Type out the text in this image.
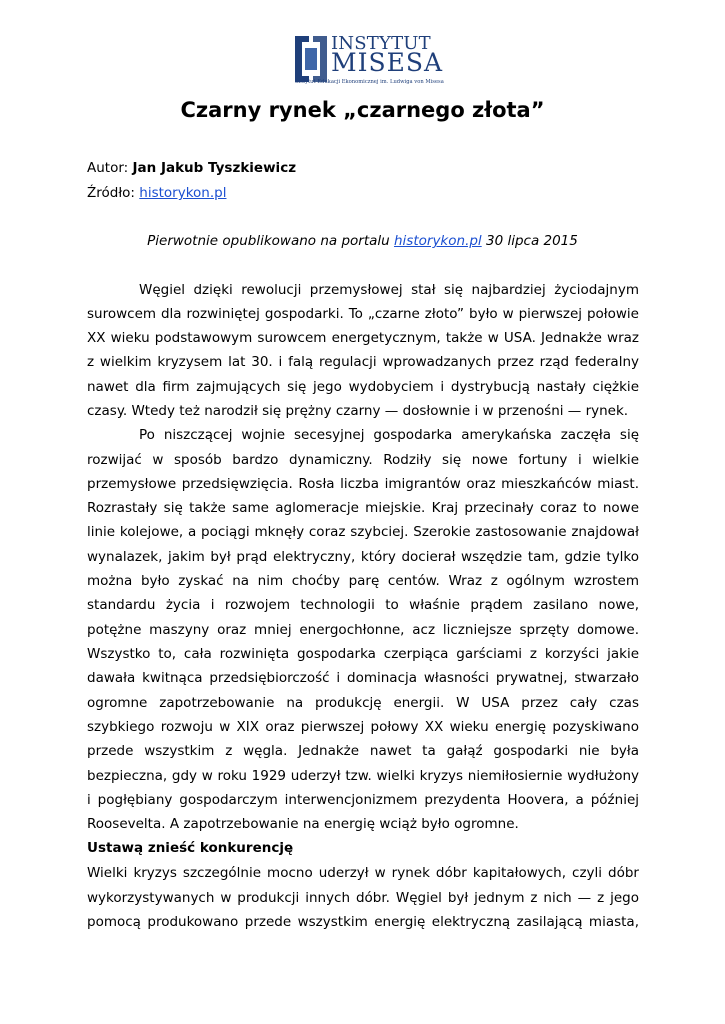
INSTYTUT
MISESA
Instytut Edukacji Ekonomicznej im. Ludwiga von Misesa
Czarny rynek „czarnego złota”
Autor: Jan Jakub Tyszkiewicz
Źródło: historykon.pl
Pierwotnie opublikowano na portalu historykon.pl 30 lipca 2015
Węgiel dzięki rewolucji przemysłowej stał się najbardziej życiodajnym
surowcem dla rozwiniętej gospodarki. To „czarne złoto” było w pierwszej połowie
XX wieku podstawowym surowcem energetycznym, także w USA. Jednakże wraz
z wielkim kryzysem lat 30. i falą regulacji wprowadzanych przez rząd federalny
nawet dla firm zajmujących się jego wydobyciem i dystrybucją nastały ciężkie
czasy. Wtedy też narodził się prężny czarny — dosłownie i w przenośni — rynek.
Po niszczącej wojnie secesyjnej gospodarka amerykańska zaczęła się
rozwijać w sposób bardzo dynamiczny. Rodziły się nowe fortuny i wielkie
przemysłowe przedsięwzięcia. Rosła liczba imigrantów oraz mieszkańców miast.
Rozrastały się także same aglomeracje miejskie. Kraj przecinały coraz to nowe
linie kolejowe, a pociągi mknęły coraz szybciej. Szerokie zastosowanie znajdował
wynalazek, jakim był prąd elektryczny, który docierał wszędzie tam, gdzie tylko
można było zyskać na nim choćby parę centów. Wraz z ogólnym wzrostem
standardu życia i rozwojem technologii to właśnie prądem zasilano nowe,
potężne maszyny oraz mniej energochłonne, acz liczniejsze sprzęty domowe.
Wszystko to, cała rozwinięta gospodarka czerpiąca garściami z korzyści jakie
dawała kwitnąca przedsiębiorczość i dominacja własności prywatnej, stwarzało
ogromne zapotrzebowanie na produkcję energii. W USA przez cały czas
szybkiego rozwoju w XIX oraz pierwszej połowy XX wieku energię pozyskiwano
przede wszystkim z węgla. Jednakże nawet ta gałąź gospodarki nie była
bezpieczna, gdy w roku 1929 uderzył tzw. wielki kryzys niemiłosiernie wydłużony
i pogłębiany gospodarczym interwencjonizmem prezydenta Hoovera, a później
Roosevelta. A zapotrzebowanie na energię wciąż było ogromne.
Ustawą znieść konkurencję
Wielki kryzys szczególnie mocno uderzył w rynek dóbr kapitałowych, czyli dóbr
wykorzystywanych w produkcji innych dóbr. Węgiel był jednym z nich — z jego
pomocą produkowano przede wszystkim energię elektryczną zasilającą miasta,
